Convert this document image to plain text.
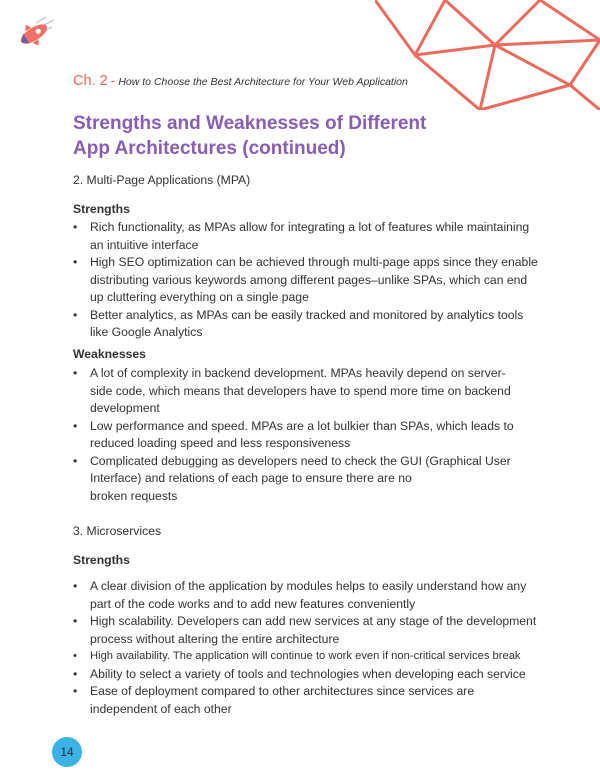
Ch. 2 - How to Choose the Best Architecture for Your Web Application
Strengths and Weaknesses of Different
App Architectures (continued)

2. Multi-Page Applications (MPA)

Strengths

• Rich functionality, as MPAs allow for integrating a lot of features while maintaining
an intuitive interface
• High SEO optimization can be achieved through multi-page apps since they enable
distributing various keywords among different pages–unlike SPAs, which can end
up cluttering everything on a single page
• Better analytics, as MPAs can be easily tracked and monitored by analytics tools
like Google Analytics

Weaknesses

• A lot of complexity in backend development. MPAs heavily depend on server-
side code, which means that developers have to spend more time on backend
development
• Low performance and speed. MPAs are a lot bulkier than SPAs, which leads to
reduced loading speed and less responsiveness
• Complicated debugging as developers need to check the GUI (Graphical User
Interface) and relations of each page to ensure there are no
broken requests

3. Microservices

Strengths

• A clear division of the application by modules helps to easily understand how any
part of the code works and to add new features conveniently
• High scalability. Developers can add new services at any stage of the development
process without altering the entire architecture
• High availability. The application will continue to work even if non-critical services break
• Ability to select a variety of tools and technologies when developing each service
• Ease of deployment compared to other architectures since services are
independent of each other
14
